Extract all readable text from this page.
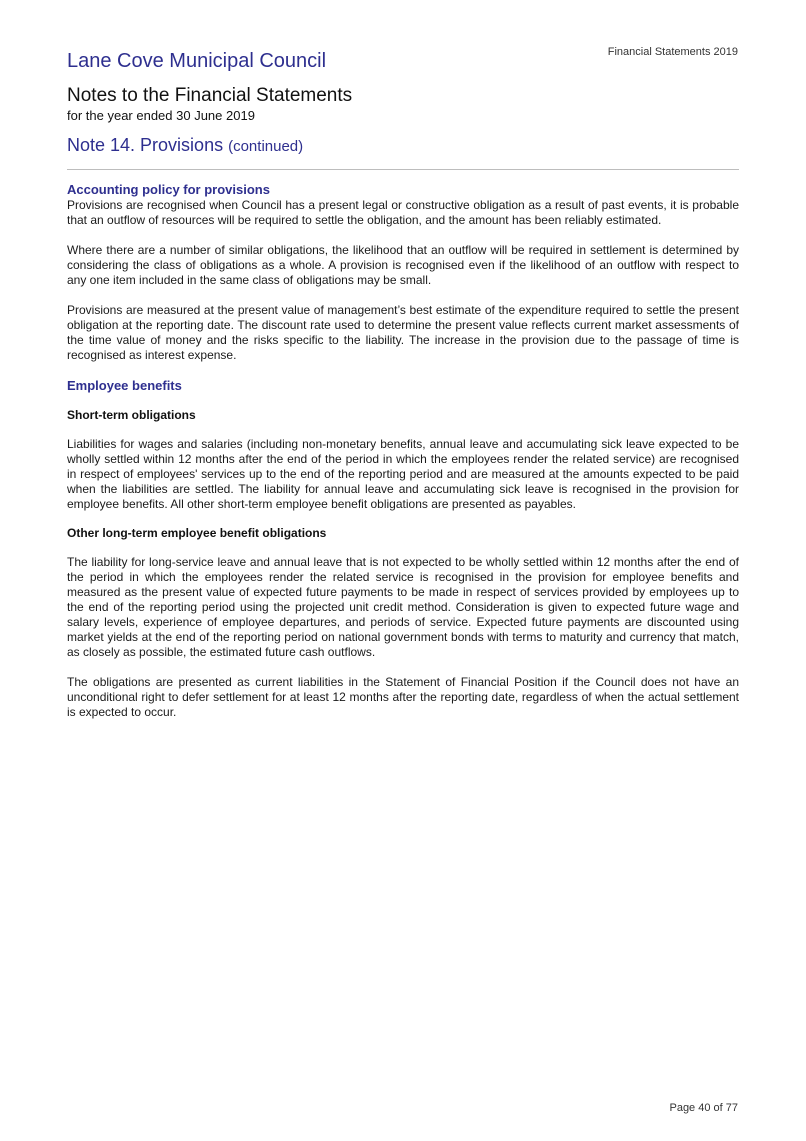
Financial Statements 2019
Lane Cove Municipal Council
Notes to the Financial Statements
for the year ended 30 June 2019
Note 14. Provisions (continued)
Accounting policy for provisions

Provisions are recognised when Council has a present legal or constructive obligation as a result of past events, it is probable that an outflow of resources will be required to settle the obligation, and the amount has been reliably estimated.

Where there are a number of similar obligations, the likelihood that an outflow will be required in settlement is determined by considering the class of obligations as a whole. A provision is recognised even if the likelihood of an outflow with respect to any one item included in the same class of obligations may be small.

Provisions are measured at the present value of management’s best estimate of the expenditure required to settle the present obligation at the reporting date. The discount rate used to determine the present value reflects current market assessments of the time value of money and the risks specific to the liability. The increase in the provision due to the passage of time is recognised as interest expense.

Employee benefits
Short-term obligations

Liabilities for wages and salaries (including non-monetary benefits, annual leave and accumulating sick leave expected to be wholly settled within 12 months after the end of the period in which the employees render the related service) are recognised in respect of employees' services up to the end of the reporting period and are measured at the amounts expected to be paid when the liabilities are settled. The liability for annual leave and accumulating sick leave is recognised in the provision for employee benefits. All other short-term employee benefit obligations are presented as payables.

Other long-term employee benefit obligations

The liability for long-service leave and annual leave that is not expected to be wholly settled within 12 months after the end of the period in which the employees render the related service is recognised in the provision for employee benefits and measured as the present value of expected future payments to be made in respect of services provided by employees up to the end of the reporting period using the projected unit credit method. Consideration is given to expected future wage and salary levels, experience of employee departures, and periods of service. Expected future payments are discounted using market yields at the end of the reporting period on national government bonds with terms to maturity and currency that match, as closely as possible, the estimated future cash outflows.

The obligations are presented as current liabilities in the Statement of Financial Position if the Council does not have an unconditional right to defer settlement for at least 12 months after the reporting date, regardless of when the actual settlement is expected to occur.

Page 40 of 77
